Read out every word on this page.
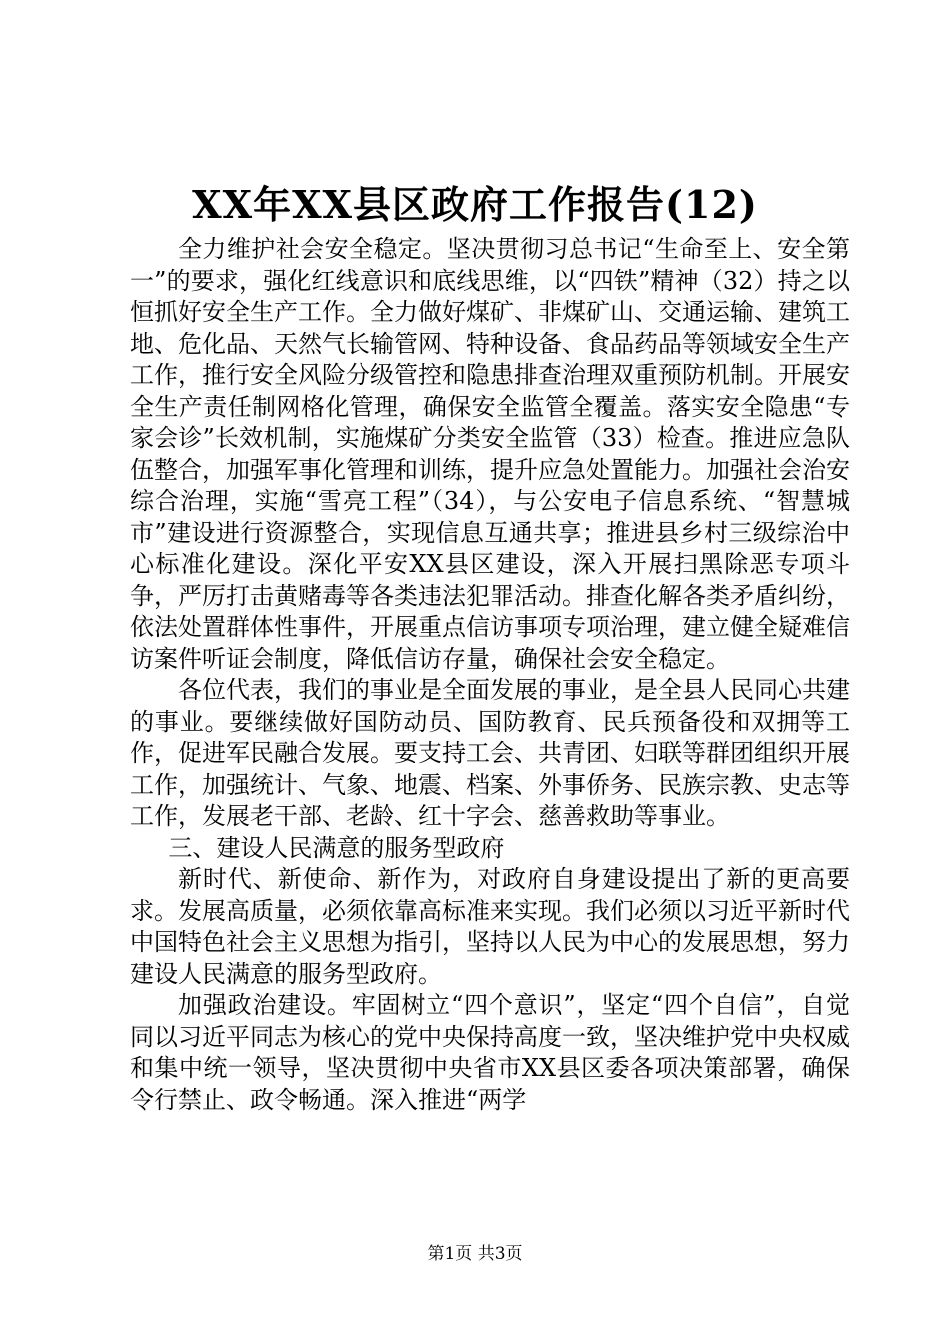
XX年XX县区政府工作报告(12)

全力维护社会安全稳定。坚决贯彻习总书记“生命至上、安全第一”的要求，强化红线意识和底线思维，以“四铁”精神（32）持之以恒抓好安全生产工作。全力做好煤矿、非煤矿山、交通运输、建筑工地、危化品、天然气长输管网、特种设备、食品药品等领域安全生产工作，推行安全风险分级管控和隐患排查治理双重预防机制。开展安全生产责任制网格化管理，确保安全监管全覆盖。落实安全隐患“专家会诊”长效机制，实施煤矿分类安全监管（33）检查。推进应急队伍整合，加强军事化管理和训练，提升应急处置能力。加强社会治安综合治理，实施“雪亮工程”（34），与公安电子信息系统、“智慧城市”建设进行资源整合，实现信息互通共享；推进县乡村三级综治中心标准化建设。深化平安XX县区建设，深入开展扫黑除恶专项斗争，严厉打击黄赌毒等各类违法犯罪活动。排查化解各类矛盾纠纷，依法处置群体性事件，开展重点信访事项专项治理，建立健全疑难信访案件听证会制度，降低信访存量，确保社会安全稳定。

各位代表，我们的事业是全面发展的事业，是全县人民同心共建的事业。要继续做好国防动员、国防教育、民兵预备役和双拥等工作，促进军民融合发展。要支持工会、共青团、妇联等群团组织开展工作，加强统计、气象、地震、档案、外事侨务、民族宗教、史志等工作，发展老干部、老龄、红十字会、慈善救助等事业。

三、建设人民满意的服务型政府

新时代、新使命、新作为，对政府自身建设提出了新的更高要求。发展高质量，必须依靠高标准来实现。我们必须以习近平新时代中国特色社会主义思想为指引，坚持以人民为中心的发展思想，努力建设人民满意的服务型政府。

加强政治建设。牢固树立“四个意识”，坚定“四个自信”，自觉同以习近平同志为核心的党中央保持高度一致，坚决维护党中央权威和集中统一领导，坚决贯彻中央省市XX县区委各项决策部署，确保令行禁止、政令畅通。深入推进“两学

第1页 共3页
